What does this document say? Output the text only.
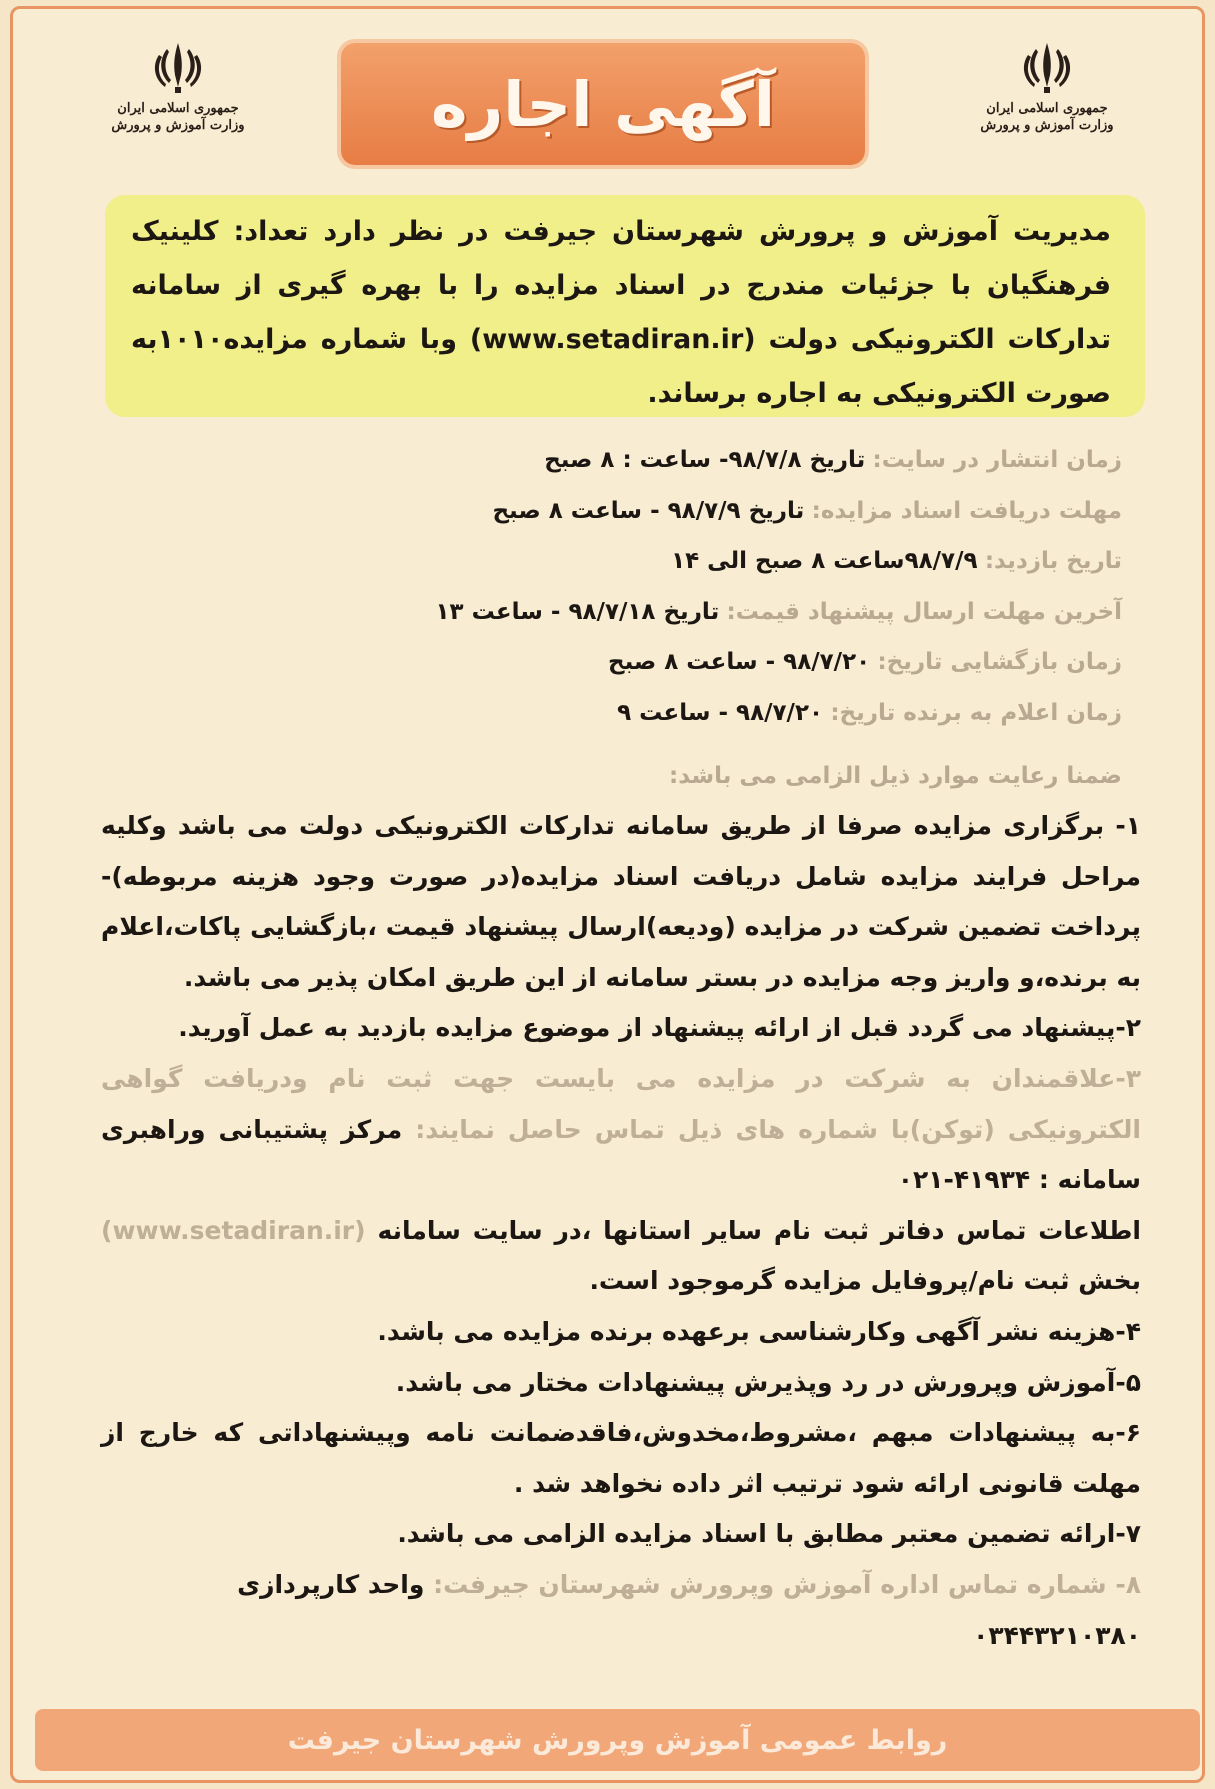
جمهوری اسلامی ایران
وزارت آموزش و پرورش	آگهی اجاره	جمهوری اسلامی ایران
وزارت آموزش و پرورش
مدیریت آموزش و پرورش شهرستان جیرفت در نظر دارد تعداد: کلینیک فرهنگیان با جزئیات مندرج در اسناد مزایده را با بهره گیری از سامانه تدارکات الکترونیکی دولت (www.setadiran.ir) وبا شماره مزایده۱۰۱۰به صورت الکترونیکی به اجاره برساند.
زمان انتشار در سایت: تاریخ ۹۸/۷/۸- ساعت : ۸ صبح
مهلت دریافت اسناد مزایده: تاریخ ۹۸/۷/۹ - ساعت ۸ صبح
تاریخ بازدید: ۹۸/۷/۹ساعت ۸ صبح الی ۱۴
آخرین مهلت ارسال پیشنهاد قیمت: تاریخ ۹۸/۷/۱۸ - ساعت ۱۳
زمان بازگشایی تاریخ: ۹۸/۷/۲۰ - ساعت ۸ صبح
زمان اعلام به برنده تاریخ: ۹۸/۷/۲۰ - ساعت ۹
ضمنا رعایت موارد ذیل الزامی می باشد:

۱- برگزاری مزایده صرفا از طریق سامانه تدارکات الکترونیکی دولت می باشد وکلیه مراحل فرایند مزایده شامل دریافت اسناد مزایده(در صورت وجود هزینه مربوطه)-پرداخت تضمین شرکت در مزایده (ودیعه)ارسال پیشنهاد قیمت ،بازگشایی پاکات،اعلام به برنده،و واریز وجه مزایده در بستر سامانه از این طریق امکان پذیر می باشد.

۲-پیشنهاد می گردد قبل از ارائه پیشنهاد از موضوع مزایده بازدید به عمل آورید.

۳-علاقمندان به شرکت در مزایده می بایست جهت ثبت نام ودریافت گواهی الکترونیکی (توکن)با شماره های ذیل تماس حاصل نمایند: مرکز پشتیبانی وراهبری سامانه : ۰۲۱-۴۱۹۳۴

اطلاعات تماس دفاتر ثبت نام سایر استانها ،در سایت سامانه (www.setadiran.ir) بخش ثبت نام/پروفایل مزایده گرموجود است.

۴-هزینه نشر آگهی وکارشناسی برعهده برنده مزایده می باشد.

۵-آموزش وپرورش در رد وپذیرش پیشنهادات مختار می باشد.

۶-به پیشنهادات مبهم ،مشروط،مخدوش،فاقدضمانت نامه وپیشنهاداتی که خارج از مهلت قانونی ارائه شود ترتیب اثر داده نخواهد شد .

۷-ارائه تضمین معتبر مطابق با اسناد مزایده الزامی می باشد.

۸- شماره تماس اداره آموزش وپرورش شهرستان جیرفت: واحد کارپردازی

۰۳۴۴۳۲۱۰۳۸۰

روابط عمومی آموزش وپرورش شهرستان جیرفت
